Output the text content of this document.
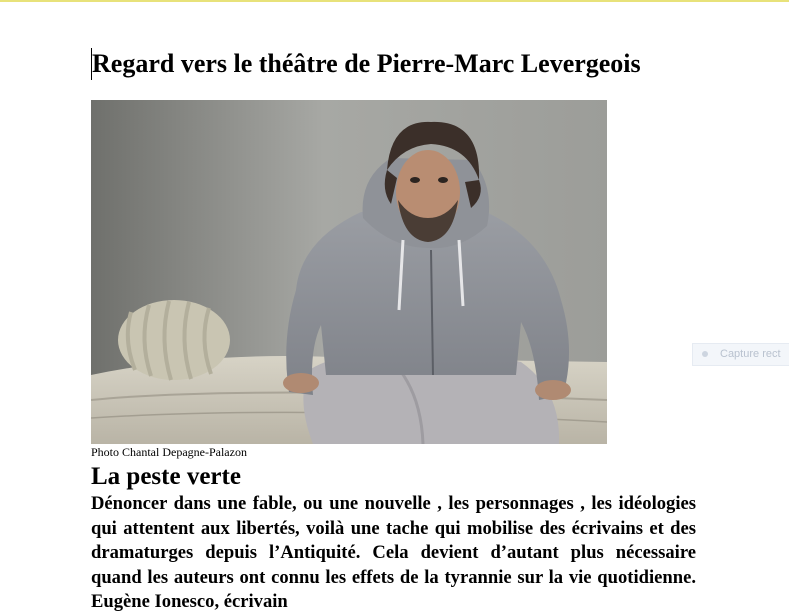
Regard vers le théâtre de Pierre-Marc Levergeois
Photo Chantal Depagne-Palazon
La peste verte

Dénoncer dans une fable, ou une nouvelle , les personnages , les idéologies qui attentent aux libertés, voilà une tache qui mobilise des écrivains et des dramaturges depuis l’Antiquité. Cela devient d’autant plus nécessaire quand les auteurs ont connu les effets de la tyrannie sur la vie quotidienne. Eugène Ionesco, écrivain

Capture rect
